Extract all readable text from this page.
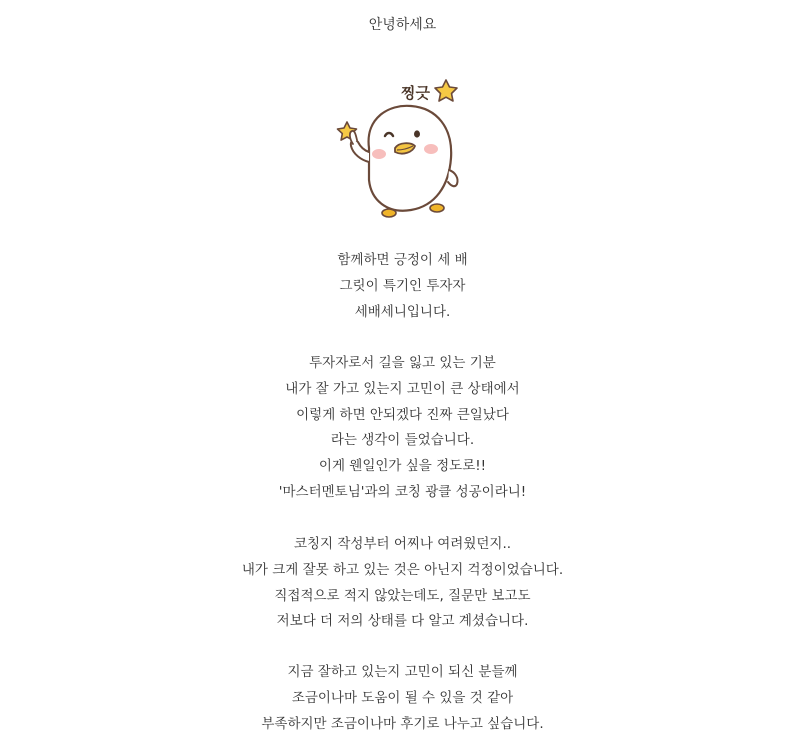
안녕하세요
찡긋
함께하면 긍정이 세 배
그릿이 특기인 투자자
세배세니입니다.
투자자로서 길을 잃고 있는 기분
내가 잘 가고 있는지 고민이 큰 상태에서
이렇게 하면 안되겠다 진짜 큰일났다
라는 생각이 들었습니다.
이게 웬일인가 싶을 정도로!!
'마스터멘토님'과의 코칭 광클 성공이라니!
코칭지 작성부터 어찌나 여려웠던지..
내가 크게 잘못 하고 있는 것은 아닌지 걱정이었습니다.
직접적으로 적지 않았는데도, 질문만 보고도
저보다 더 저의 상태를 다 알고 계셨습니다.
지금 잘하고 있는지 고민이 되신 분들께
조금이나마 도움이 될 수 있을 것 같아
부족하지만 조금이나마 후기로 나누고 싶습니다.
